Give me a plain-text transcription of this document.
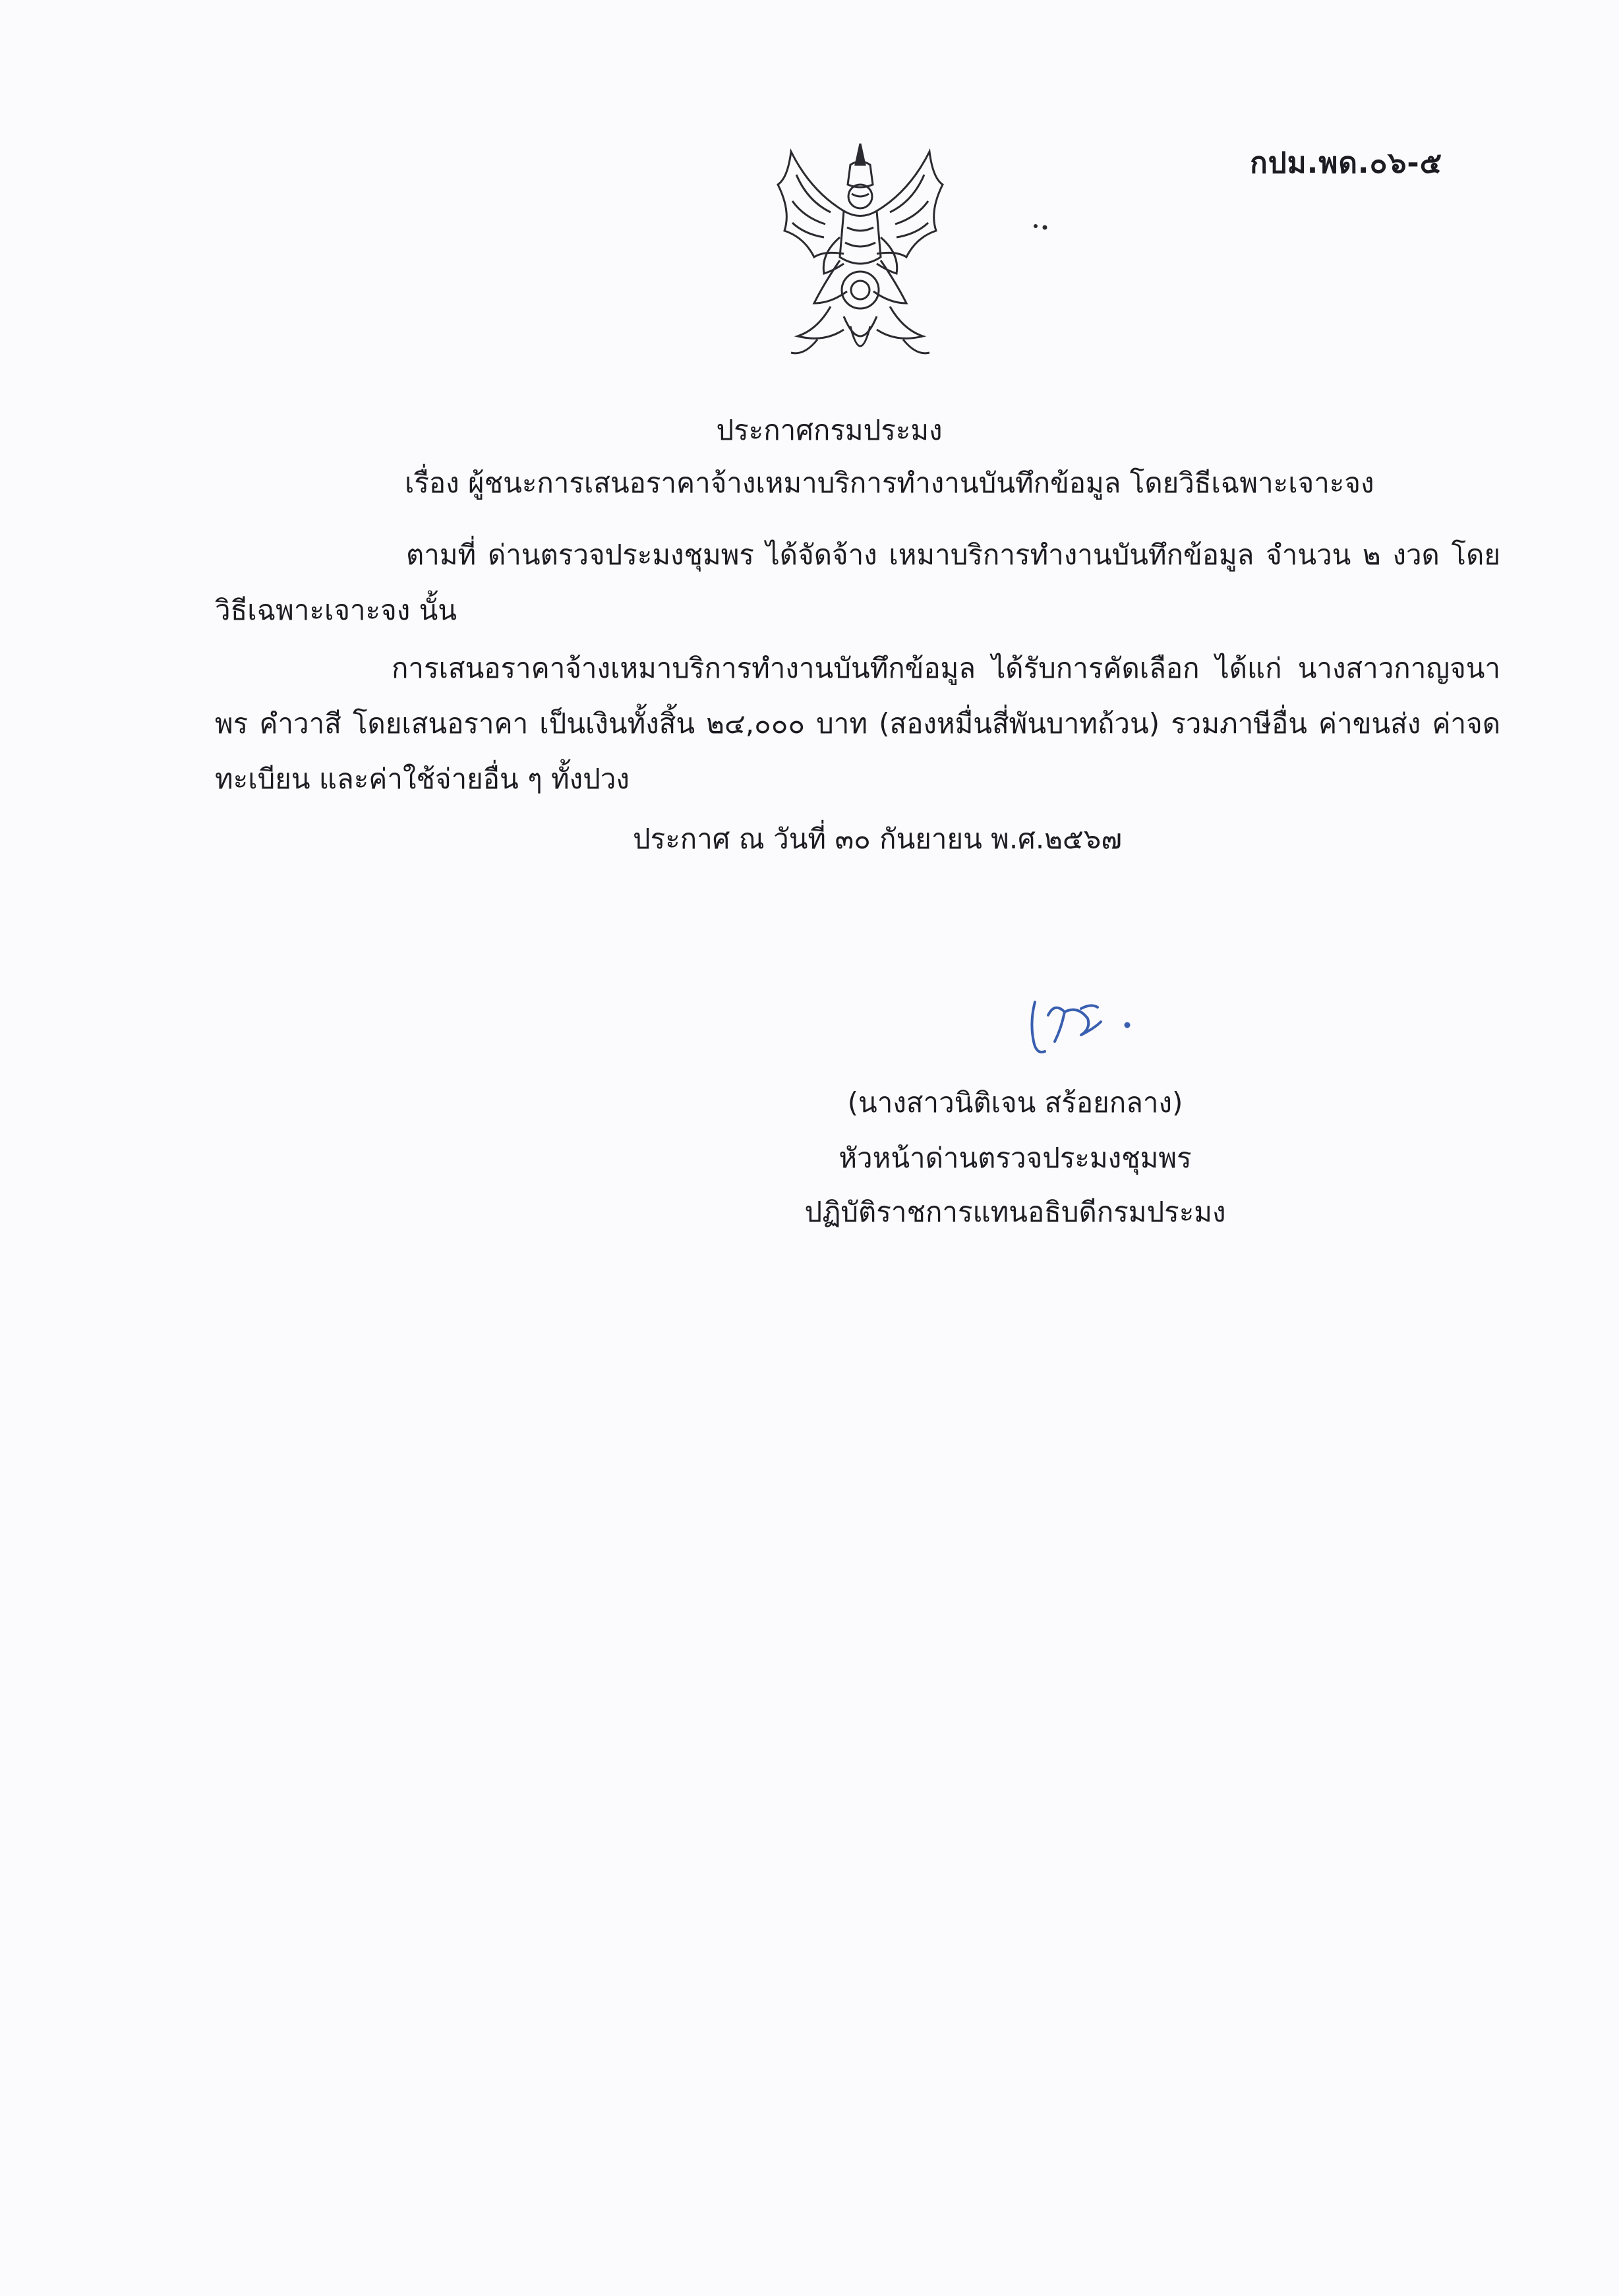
กปม.พด.๐๖-๕
ประกาศกรมประมง
เรื่อง ผู้ชนะการเสนอราคาจ้างเหมาบริการทำงานบันทึกข้อมูล โดยวิธีเฉพาะเจาะจง
ตามที่ ด่านตรวจประมงชุมพร ได้จัดจ้าง เหมาบริการทำงานบันทึกข้อมูล จำนวน ๒ งวด โดยวิธีเฉพาะเจาะจง นั้น
การเสนอราคาจ้างเหมาบริการทำงานบันทึกข้อมูล ได้รับการคัดเลือก ได้แก่ นางสาวกาญจนาพร คำวาสี โดยเสนอราคา เป็นเงินทั้งสิ้น ๒๔,๐๐๐ บาท (สองหมื่นสี่พันบาทถ้วน) รวมภาษีอื่น ค่าขนส่ง ค่าจดทะเบียน และค่าใช้จ่ายอื่น ๆ ทั้งปวง
ประกาศ ณ วันที่ ๓๐ กันยายน พ.ศ.๒๕๖๗
(นางสาวนิติเจน สร้อยกลาง)
หัวหน้าด่านตรวจประมงชุมพร
ปฏิบัติราชการแทนอธิบดีกรมประมง
